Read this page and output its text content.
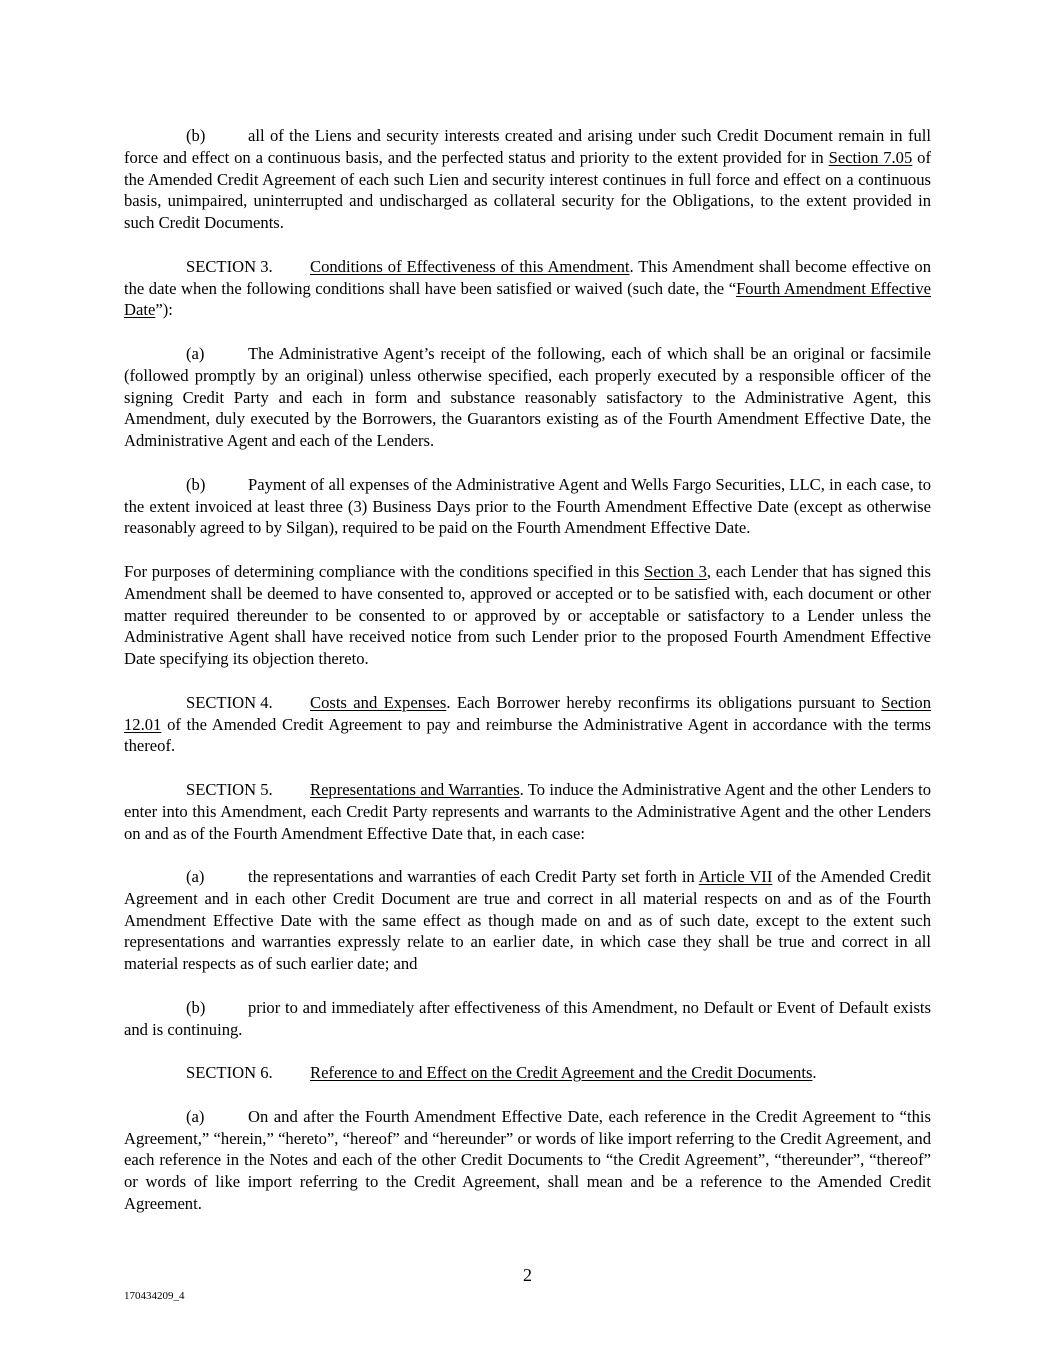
(b)	all of the Liens and security interests created and arising under such Credit Document remain in full force and effect on a continuous basis, and the perfected status and priority to the extent provided for in Section 7.05 of the Amended Credit Agreement of each such Lien and security interest continues in full force and effect on a continuous basis, unimpaired, uninterrupted and undischarged as collateral security for the Obligations, to the extent provided in such Credit Documents.

SECTION 3. Conditions of Effectiveness of this Amendment. This Amendment shall become effective on the date when the following conditions shall have been satisfied or waived (such date, the “Fourth Amendment Effective Date”):

(a)	The Administrative Agent’s receipt of the following, each of which shall be an original or facsimile (followed promptly by an original) unless otherwise specified, each properly executed by a responsible officer of the signing Credit Party and each in form and substance reasonably satisfactory to the Administrative Agent, this Amendment, duly executed by the Borrowers, the Guarantors existing as of the Fourth Amendment Effective Date, the Administrative Agent and each of the Lenders.

(b)	Payment of all expenses of the Administrative Agent and Wells Fargo Securities, LLC, in each case, to the extent invoiced at least three (3) Business Days prior to the Fourth Amendment Effective Date (except as otherwise reasonably agreed to by Silgan), required to be paid on the Fourth Amendment Effective Date.

For purposes of determining compliance with the conditions specified in this Section 3, each Lender that has signed this Amendment shall be deemed to have consented to, approved or accepted or to be satisfied with, each document or other matter required thereunder to be consented to or approved by or acceptable or satisfactory to a Lender unless the Administrative Agent shall have received notice from such Lender prior to the proposed Fourth Amendment Effective Date specifying its objection thereto.

SECTION 4. Costs and Expenses. Each Borrower hereby reconfirms its obligations pursuant to Section 12.01 of the Amended Credit Agreement to pay and reimburse the Administrative Agent in accordance with the terms thereof.

SECTION 5. Representations and Warranties. To induce the Administrative Agent and the other Lenders to enter into this Amendment, each Credit Party represents and warrants to the Administrative Agent and the other Lenders on and as of the Fourth Amendment Effective Date that, in each case:

(a)	the representations and warranties of each Credit Party set forth in Article VII of the Amended Credit Agreement and in each other Credit Document are true and correct in all material respects on and as of the Fourth Amendment Effective Date with the same effect as though made on and as of such date, except to the extent such representations and warranties expressly relate to an earlier date, in which case they shall be true and correct in all material respects as of such earlier date; and

(b)	prior to and immediately after effectiveness of this Amendment, no Default or Event of Default exists and is continuing.

SECTION 6. Reference to and Effect on the Credit Agreement and the Credit Documents.

(a)	On and after the Fourth Amendment Effective Date, each reference in the Credit Agreement to “this Agreement,” “herein,” “hereto”, “hereof” and “hereunder” or words of like import referring to the Credit Agreement, and each reference in the Notes and each of the other Credit Documents to “the Credit Agreement”, “thereunder”, “thereof” or words of like import referring to the Credit Agreement, shall mean and be a reference to the Amended Credit Agreement.

2
170434209_4
